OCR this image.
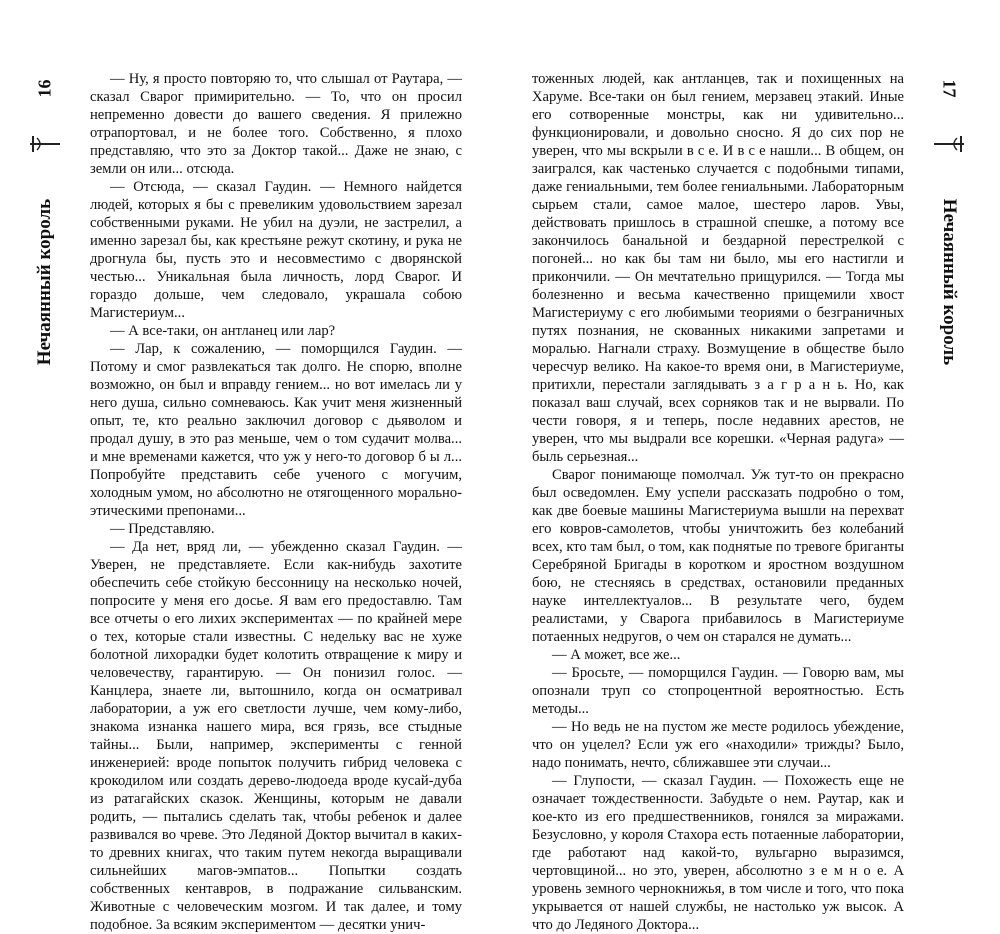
16
Нечаянный король

— Ну, я просто повторяю то, что слышал от Раутара, — сказал Сварог примирительно. — То, что он просил непременно довести до вашего сведения. Я прилежно отрапортовал, и не более того. Собственно, я плохо представляю, что это за Доктор такой... Даже не знаю, с земли он или... отсюда.

— Отсюда, — сказал Гаудин. — Немного найдется людей, которых я бы с превеликим удовольствием зарезал собственными руками. Не убил на дуэли, не застрелил, а именно зарезал бы, как крестьяне режут скотину, и рука не дрогнула бы, пусть это и несовместимо с дворянской честью... Уникальная была личность, лорд Сварог. И гораздо дольше, чем следовало, украшала собою Магистериум...

— А все-таки, он антланец или лар?

— Лар, к сожалению, — поморщился Гаудин. — Потому и смог развлекаться так долго. Не спорю, вполне возможно, он был и вправду гением... но вот имелась ли у него душа, сильно сомневаюсь. Как учит меня жизненный опыт, те, кто реально заключил договор с дьяволом и продал душу, в это раз меньше, чем о том судачит молва... и мне временами кажется, что уж у него-то договор б ы л... Попробуйте представить себе ученого с могучим, холодным умом, но абсолютно не отягощенного морально-этическими препонами...

— Представляю.

— Да нет, вряд ли, — убежденно сказал Гаудин. — Уверен, не представляете. Если как-нибудь захотите обеспечить себе стойкую бессонницу на несколько ночей, попросите у меня его досье. Я вам его предоставлю. Там все отчеты о его лихих экспериментах — по крайней мере о тех, которые стали известны. С недельку вас не хуже болотной лихорадки будет колотить отвращение к миру и человечеству, гарантирую. — Он понизил голос. — Канцлера, знаете ли, вытошнило, когда он осматривал лаборатории, а уж его светлости лучше, чем кому-либо, знакома изнанка нашего мира, вся грязь, все стыдные тайны... Были, например, эксперименты с генной инженерией: вроде попыток получить гибрид человека с крокодилом или создать дерево-людоеда вроде кусай-дуба из ратагайских сказок. Женщины, которым не давали родить, — пытались сделать так, чтобы ребенок и далее развивался во чреве. Это Ледяной Доктор вычитал в каких-то древних книгах, что таким путем некогда выращивали сильнейших магов-эмпатов... Попытки создать собственных кентавров, в подражание сильванским. Животные с человеческим мозгом. И так далее, и тому подобное. За всяким экспериментом — десятки унич-

тоженных людей, как антланцев, так и похищенных на Харуме. Все-таки он был гением, мерзавец этакий. Иные его сотворенные монстры, как ни удивительно... функционировали, и довольно сносно. Я до сих пор не уверен, что мы вскрыли в с е. И в с е нашли... В общем, он заигрался, как частенько случается с подобными типами, даже гениальными, тем более гениальными. Лабораторным сырьем стали, самое малое, шестеро ларов. Увы, действовать пришлось в страшной спешке, а потому все закончилось банальной и бездарной перестрелкой с погоней... но как бы там ни было, мы его настигли и прикончили. — Он мечтательно прищурился. — Тогда мы болезненно и весьма качественно прищемили хвост Магистериуму с его любимыми теориями о безграничных путях познания, не скованных никакими запретами и моралью. Нагнали страху. Возмущение в обществе было чересчур велико. На какое-то время они, в Магистериуме, притихли, перестали заглядывать з а г р а н ь. Но, как показал ваш случай, всех сорняков так и не вырвали. По чести говоря, я и теперь, после недавних арестов, не уверен, что мы выдрали все корешки. «Черная радуга» — быль серьезная...

Сварог понимающе помолчал. Уж тут-то он прекрасно был осведомлен. Ему успели рассказать подробно о том, как две боевые машины Магистериума вышли на перехват его ковров-самолетов, чтобы уничтожить без колебаний всех, кто там был, о том, как поднятые по тревоге бриганты Серебряной Бригады в коротком и яростном воздушном бою, не стесняясь в средствах, остановили преданных науке интеллектуалов... В результате чего, будем реалистами, у Сварога прибавилось в Магистериуме потаенных недругов, о чем он старался не думать...

— А может, все же...

— Бросьте, — поморщился Гаудин. — Говорю вам, мы опознали труп со стопроцентной вероятностью. Есть методы...

— Но ведь не на пустом же месте родилось убеждение, что он уцелел? Если уж его «находили» трижды? Было, надо понимать, нечто, сближавшее эти случаи...

— Глупости, — сказал Гаудин. — Похожесть еще не означает тождественности. Забудьте о нем. Раутар, как и кое-кто из его предшественников, гонялся за миражами. Безусловно, у короля Стахора есть потаенные лаборатории, где работают над какой-то, вульгарно выразимся, чертовщиной... но это, уверен, абсолютно з е м н о е. А уровень земного чернокнижья, в том числе и того, что пока укрывается от нашей службы, не настолько уж высок. А что до Ледяного Доктора...

17
Нечаянный король
